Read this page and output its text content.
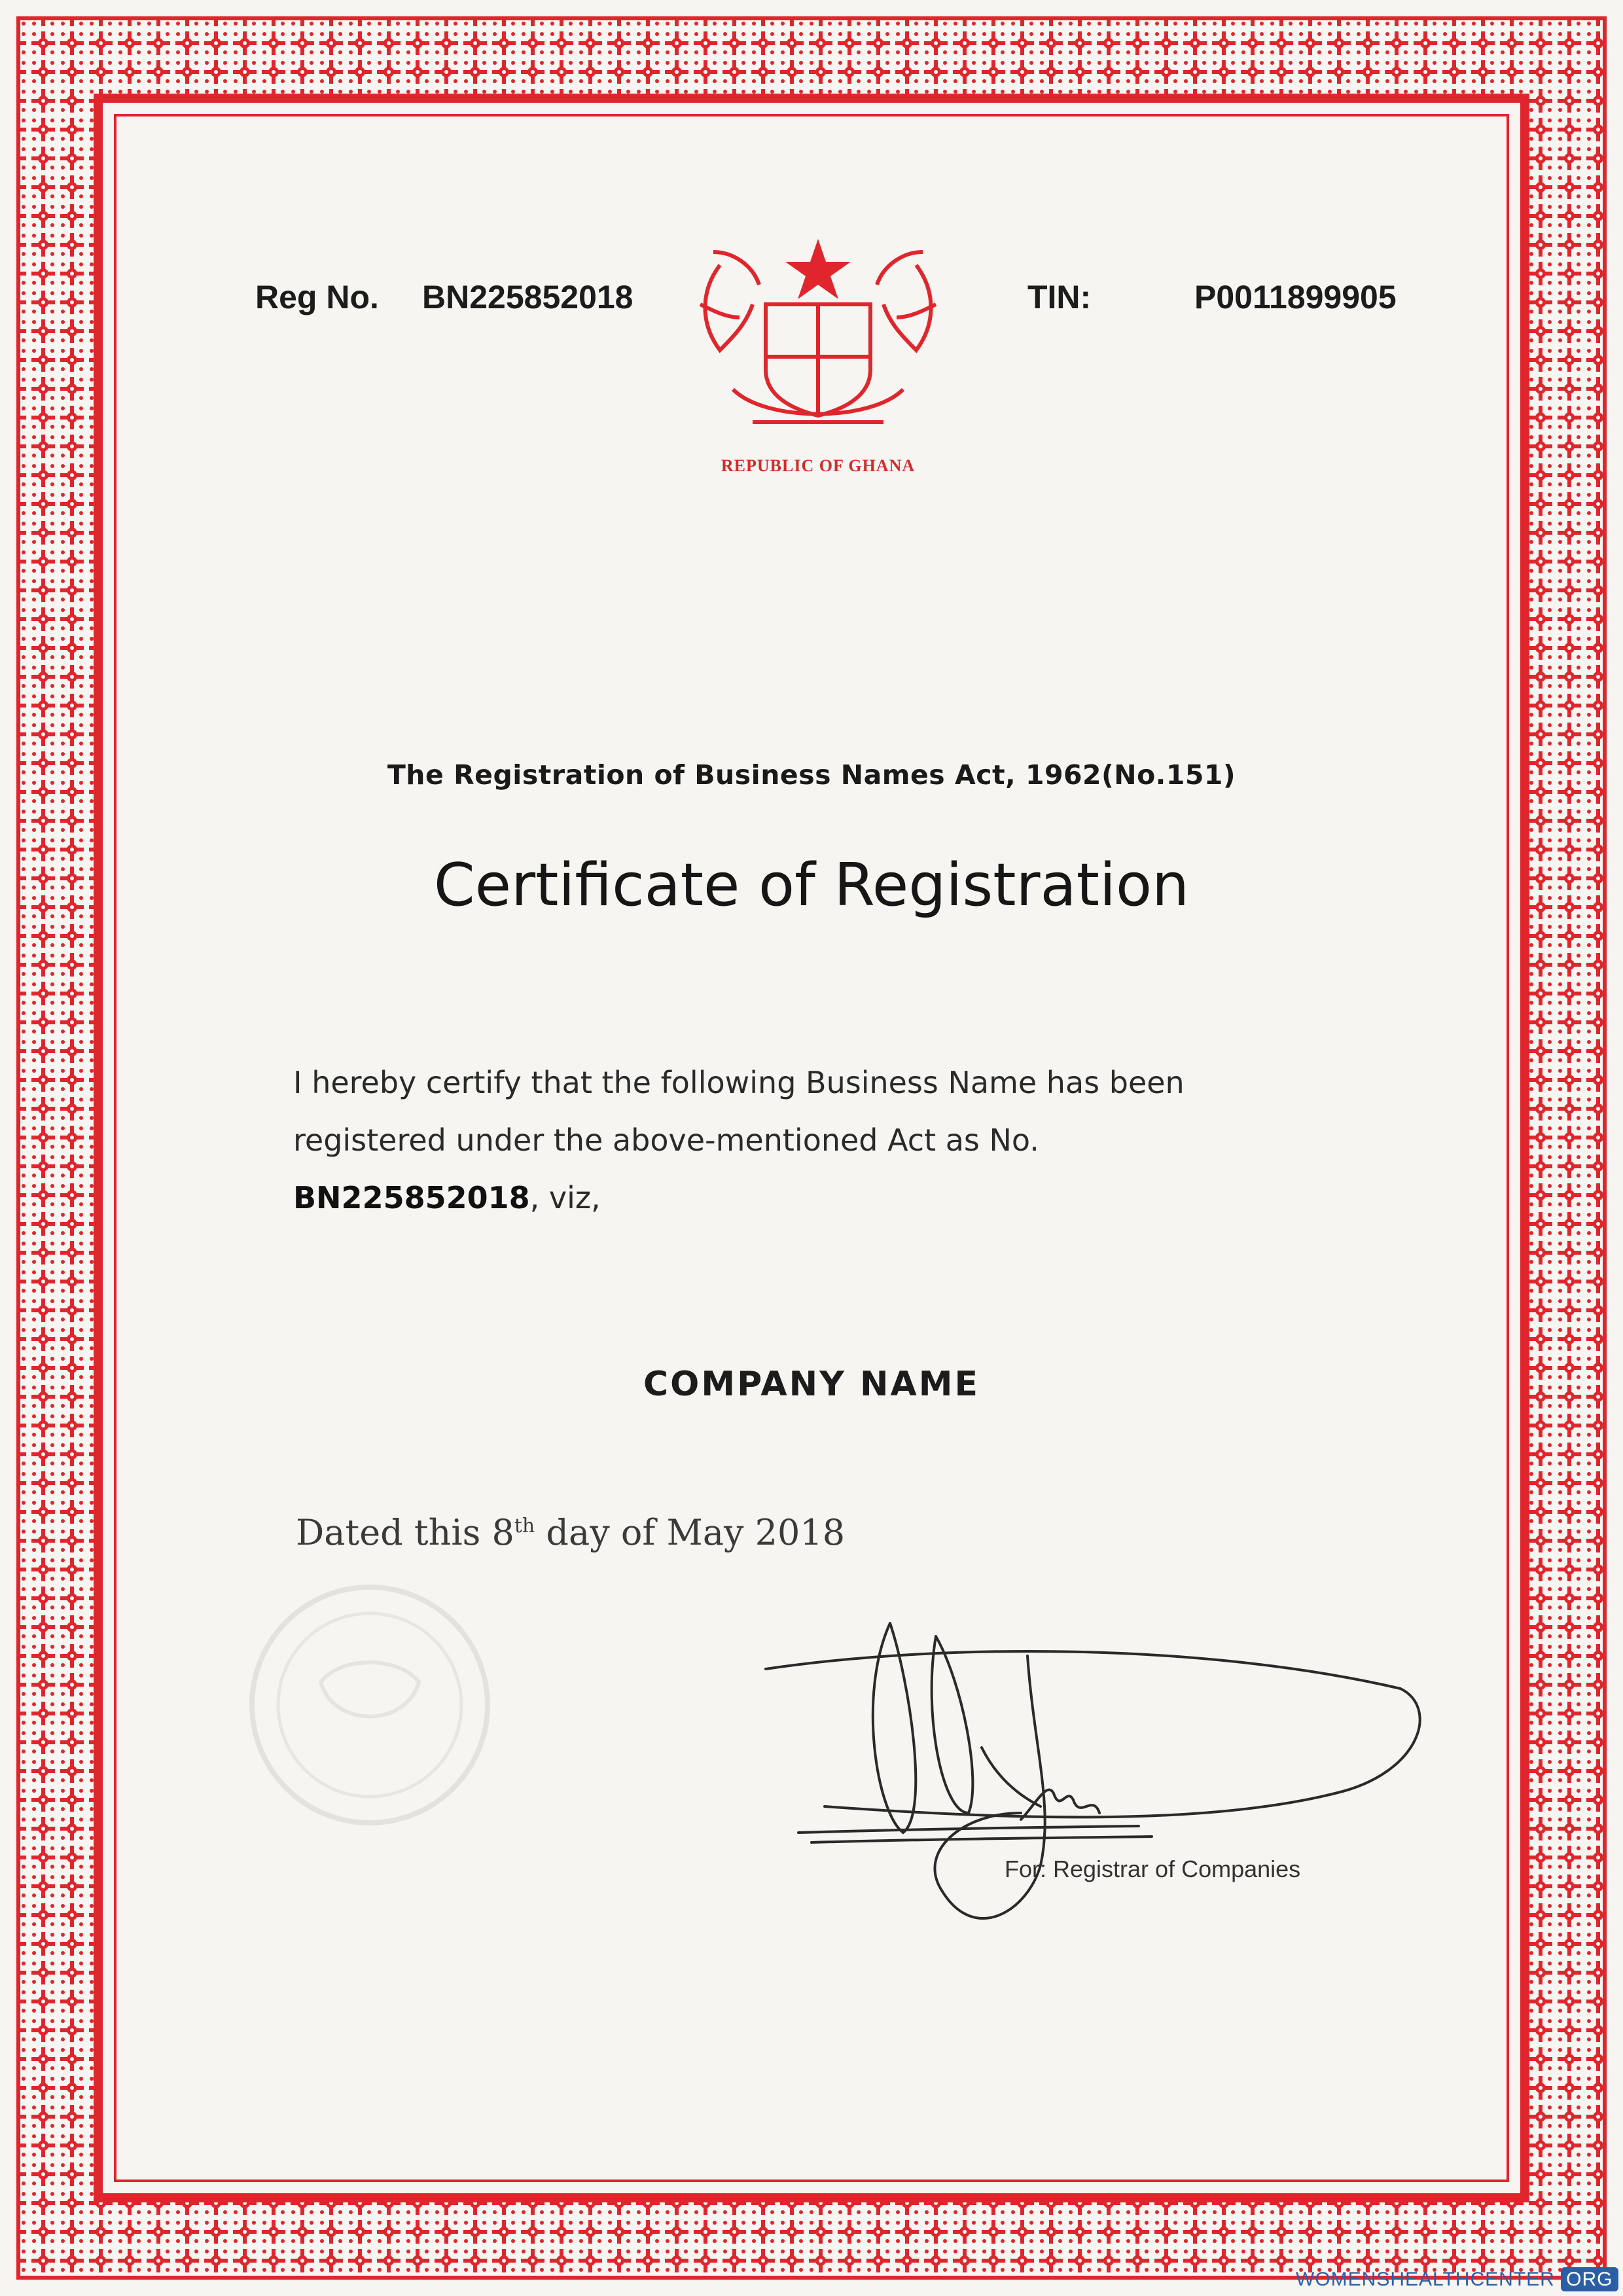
Reg No. BN225852018	TIN:	P0011899905
REPUBLIC OF GHANA
The Registration of Business Names Act, 1962(No.151)
Certificate of Registration
I hereby certify that the following Business Name has been
registered under the above-mentioned Act as No.
BN225852018, viz,
COMPANY NAME
Dated this 8th day of May 2018
For: Registrar of Companies
WOMENSHEALTHCENTER ORG
